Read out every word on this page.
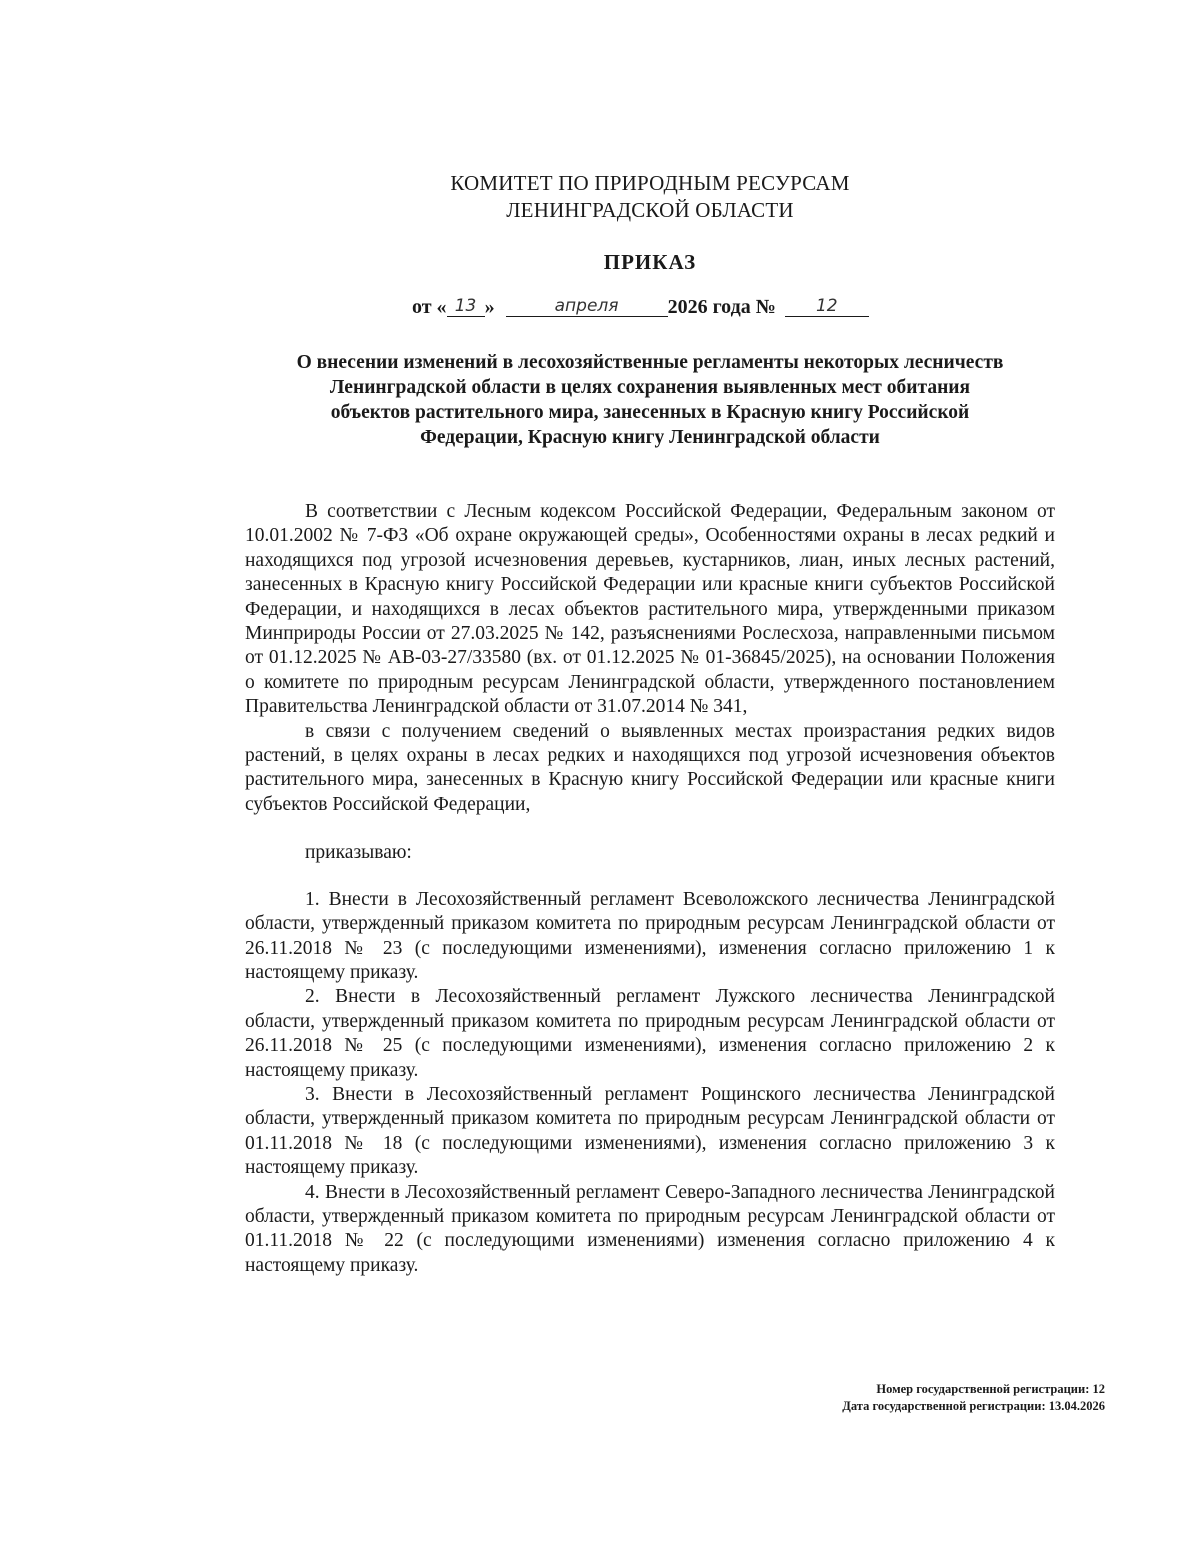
КОМИТЕТ ПО ПРИРОДНЫМ РЕСУРСАМ
ЛЕНИНГРАДСКОЙ ОБЛАСТИ
ПРИКАЗ
от « 13 »	апреля 2026 года № 12
О внесении изменений в лесохозяйственные регламенты некоторых лесничеств
Ленинградской области в целях сохранения выявленных мест обитания
объектов растительного мира, занесенных в Красную книгу Российской
Федерации, Красную книгу Ленинградской области

В соответствии с Лесным кодексом Российской Федерации, Федеральным законом от 10.01.2002 № 7-ФЗ «Об охране окружающей среды», Особенностями охраны в лесах редкий и находящихся под угрозой исчезновения деревьев, кустарников, лиан, иных лесных растений, занесенных в Красную книгу Российской Федерации или красные книги субъектов Российской Федерации, и находящихся в лесах объектов растительного мира, утвержденными приказом Минприроды России от 27.03.2025 № 142, разъяснениями Рослесхоза, направленными письмом от 01.12.2025 № АВ-03-27/33580 (вх. от 01.12.2025 № 01-36845/2025), на основании Положения о комитете по природным ресурсам Ленинградской области, утвержденного постановлением Правительства Ленинградской области от 31.07.2014 № 341,

в связи с получением сведений о выявленных местах произрастания редких видов растений, в целях охраны в лесах редких и находящихся под угрозой исчезновения объектов растительного мира, занесенных в Красную книгу Российской Федерации или красные книги субъектов Российской Федерации,

приказываю:

1. Внести в Лесохозяйственный регламент Всеволожского лесничества Ленинградской области, утвержденный приказом комитета по природным ресурсам Ленинградской области от 26.11.2018 № 23 (с последующими изменениями), изменения согласно приложению 1 к настоящему приказу.

2. Внести в Лесохозяйственный регламент Лужского лесничества Ленинградской области, утвержденный приказом комитета по природным ресурсам Ленинградской области от 26.11.2018 № 25 (с последующими изменениями), изменения согласно приложению 2 к настоящему приказу.

3. Внести в Лесохозяйственный регламент Рощинского лесничества Ленинградской области, утвержденный приказом комитета по природным ресурсам Ленинградской области от 01.11.2018 № 18 (с последующими изменениями), изменения согласно приложению 3 к настоящему приказу.

4. Внести в Лесохозяйственный регламент Северо-Западного лесничества Ленинградской области, утвержденный приказом комитета по природным ресурсам Ленинградской области от 01.11.2018 № 22 (с последующими изменениями) изменения согласно приложению 4 к настоящему приказу.

Номер государственной регистрации: 12
Дата государственной регистрации: 13.04.2026
